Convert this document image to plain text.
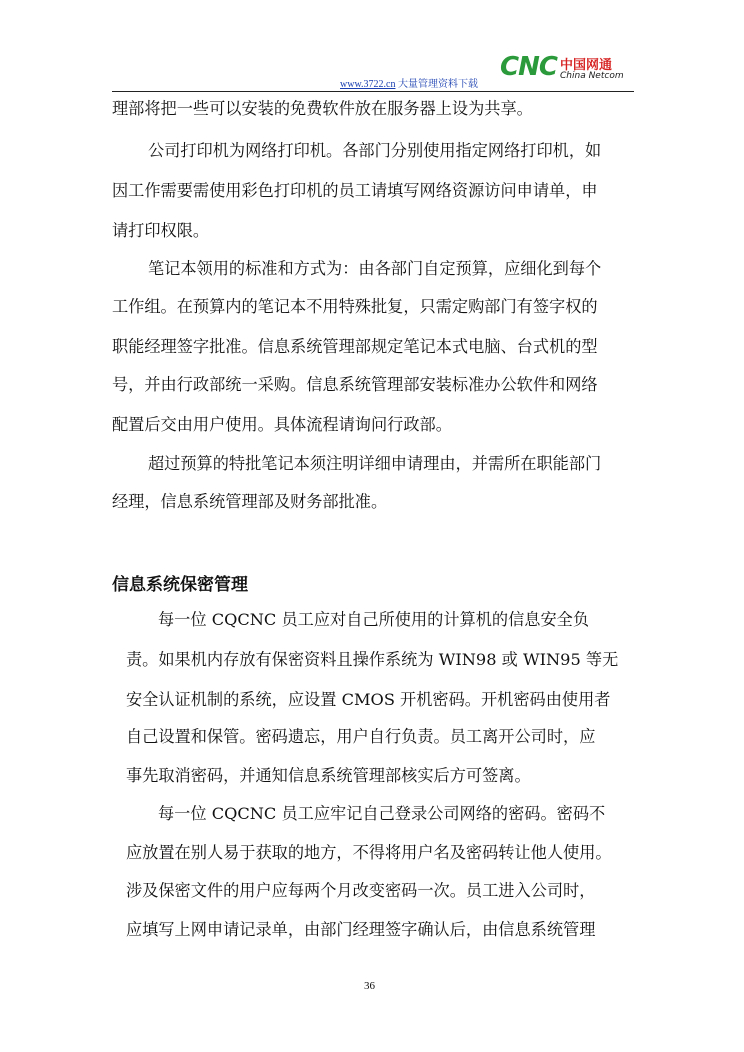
www.3722.cn 大量管理资料下载
CNC 中国网通
China Netcom
理部将把一些可以安装的免费软件放在服务器上设为共享。
公司打印机为网络打印机。各部门分别使用指定网络打印机，如
因工作需要需使用彩色打印机的员工请填写网络资源访问申请单，申
请打印权限。
笔记本领用的标准和方式为：由各部门自定预算，应细化到每个
工作组。在预算内的笔记本不用特殊批复，只需定购部门有签字权的
职能经理签字批准。信息系统管理部规定笔记本式电脑、台式机的型
号，并由行政部统一采购。信息系统管理部安装标准办公软件和网络
配置后交由用户使用。具体流程请询问行政部。
超过预算的特批笔记本须注明详细申请理由，并需所在职能部门
经理，信息系统管理部及财务部批准。
信息系统保密管理
每一位 CQCNC 员工应对自己所使用的计算机的信息安全负
责。如果机内存放有保密资料且操作系统为 WIN98 或 WIN95 等无
安全认证机制的系统，应设置 CMOS 开机密码。开机密码由使用者
自己设置和保管。密码遗忘，用户自行负责。员工离开公司时，应
事先取消密码，并通知信息系统管理部核实后方可签离。
每一位 CQCNC 员工应牢记自己登录公司网络的密码。密码不
应放置在别人易于获取的地方，不得将用户名及密码转让他人使用。
涉及保密文件的用户应每两个月改变密码一次。员工进入公司时，
应填写上网申请记录单，由部门经理签字确认后，由信息系统管理
36
